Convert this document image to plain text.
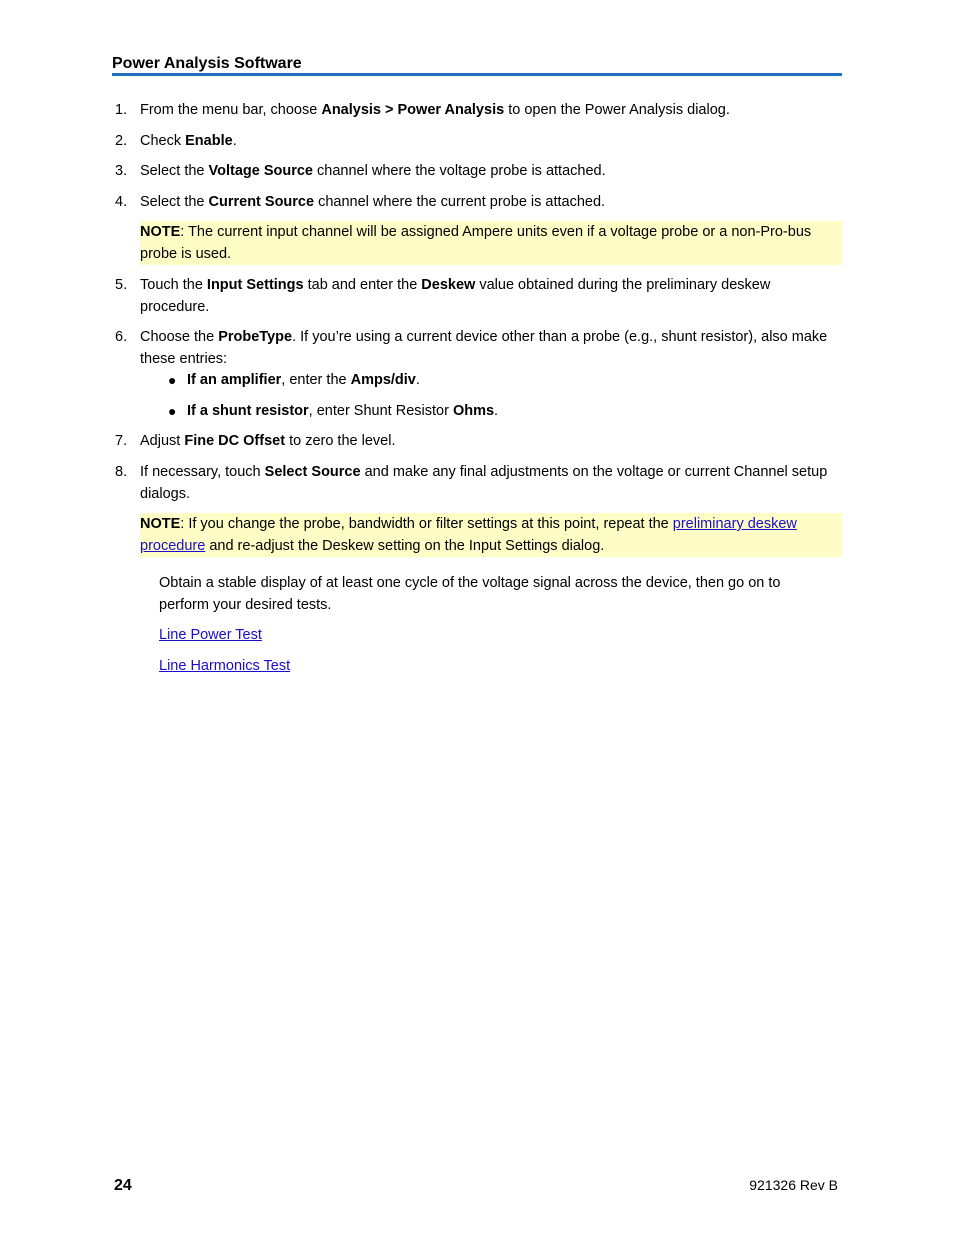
Power Analysis Software
1. From the menu bar, choose Analysis > Power Analysis to open the Power Analysis dialog.
2. Check Enable.
3. Select the Voltage Source channel where the voltage probe is attached.
4. Select the Current Source channel where the current probe is attached.
NOTE: The current input channel will be assigned Ampere units even if a voltage probe or a non-Pro-bus probe is used.
5. Touch the Input Settings tab and enter the Deskew value obtained during the preliminary deskew procedure.
6. Choose the ProbeType. If you’re using a current device other than a probe (e.g., shunt resistor), also make these entries:
● If an amplifier, enter the Amps/div.
● If a shunt resistor, enter Shunt Resistor Ohms.
7. Adjust Fine DC Offset to zero the level.
8. If necessary, touch Select Source and make any final adjustments on the voltage or current Channel setup dialogs.
NOTE: If you change the probe, bandwidth or filter settings at this point, repeat the preliminary deskew procedure and re-adjust the Deskew setting on the Input Settings dialog.
Obtain a stable display of at least one cycle of the voltage signal across the device, then go on to perform your desired tests.
Line Power Test
Line Harmonics Test
24	921326 Rev B
